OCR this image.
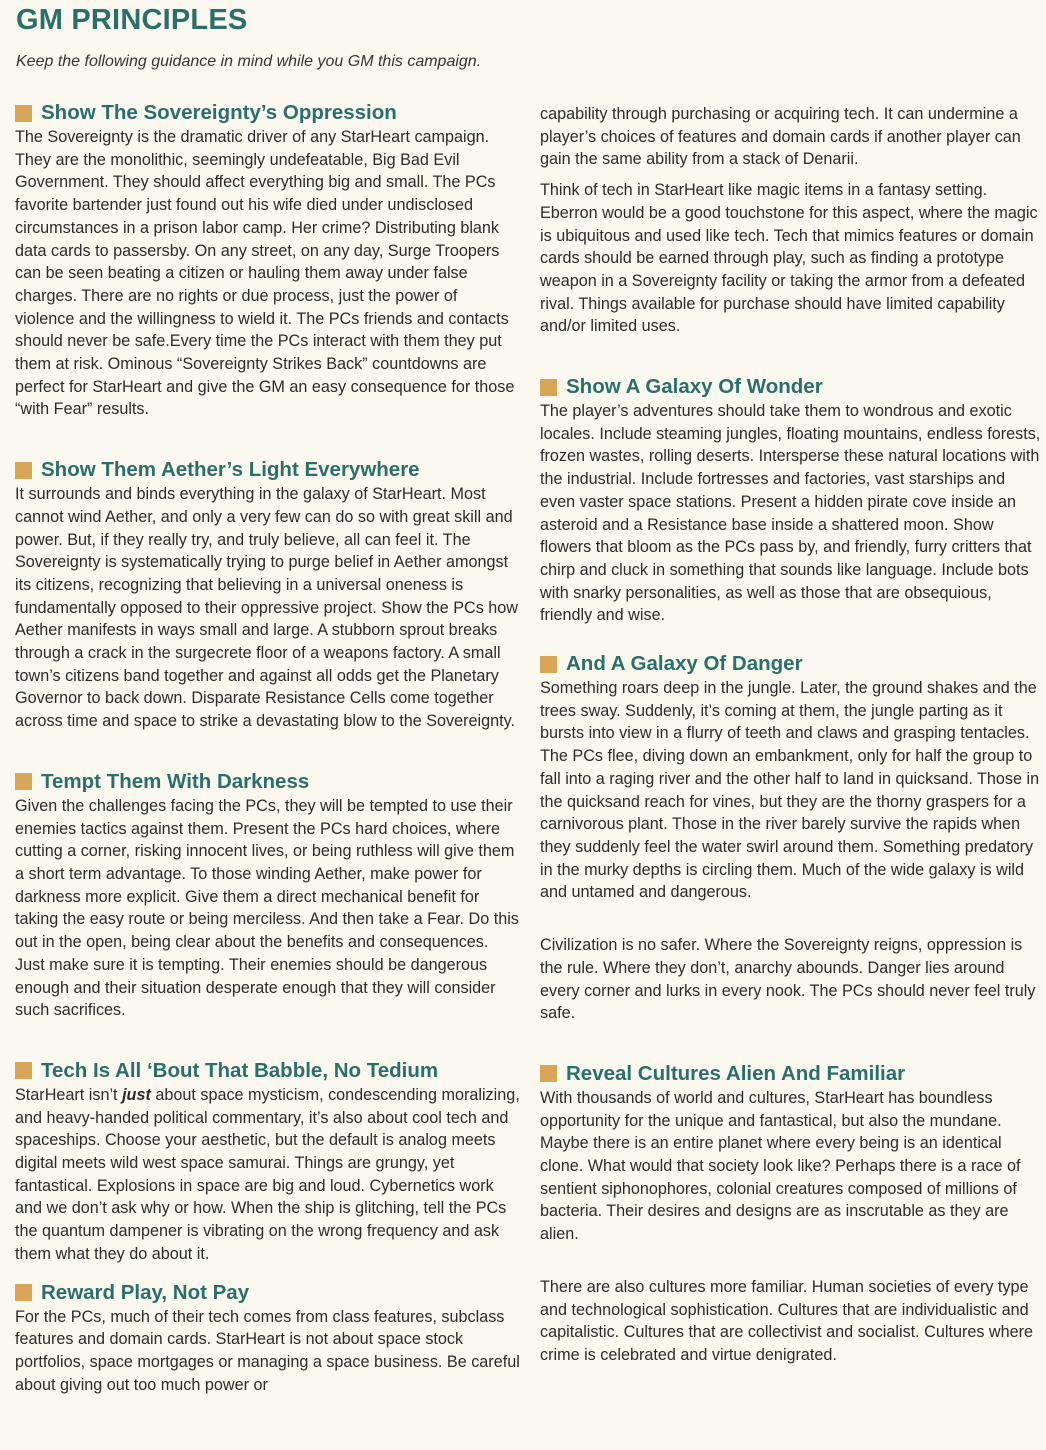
GM PRINCIPLES

Keep the following guidance in mind while you GM this campaign.

Show The Sovereignty’s Oppression

The Sovereignty is the dramatic driver of any StarHeart campaign. They are the monolithic, seemingly undefeatable, Big Bad Evil Government. They should affect everything big and small. The PCs favorite bartender just found out his wife died under undisclosed circumstances in a prison labor camp. Her crime? Distributing blank data cards to passersby. On any street, on any day, Surge Troopers can be seen beating a citizen or hauling them away under false charges. There are no rights or due process, just the power of violence and the willingness to wield it. The PCs friends and contacts should never be safe.Every time the PCs interact with them they put them at risk. Ominous “Sovereignty Strikes Back” countdowns are perfect for StarHeart and give the GM an easy consequence for those “with Fear” results.

Show Them Aether’s Light Everywhere

It surrounds and binds everything in the galaxy of StarHeart. Most cannot wind Aether, and only a very few can do so with great skill and power. But, if they really try, and truly believe, all can feel it. The Sovereignty is systematically trying to purge belief in Aether amongst its citizens, recognizing that believing in a universal oneness is fundamentally opposed to their oppressive project. Show the PCs how Aether manifests in ways small and large. A stubborn sprout breaks through a crack in the surgecrete floor of a weapons factory. A small town’s citizens band together and against all odds get the Planetary Governor to back down. Disparate Resistance Cells come together across time and space to strike a devastating blow to the Sovereignty.

Tempt Them With Darkness

Given the challenges facing the PCs, they will be tempted to use their enemies tactics against them. Present the PCs hard choices, where cutting a corner, risking innocent lives, or being ruthless will give them a short term advantage. To those winding Aether, make power for darkness more explicit. Give them a direct mechanical benefit for taking the easy route or being merciless. And then take a Fear. Do this out in the open, being clear about the benefits and consequences. Just make sure it is tempting. Their enemies should be dangerous enough and their situation desperate enough that they will consider such sacrifices.

Tech Is All ‘Bout That Babble, No Tedium

StarHeart isn’t just about space mysticism, condescending moralizing, and heavy-handed political commentary, it’s also about cool tech and spaceships. Choose your aesthetic, but the default is analog meets digital meets wild west space samurai. Things are grungy, yet fantastical. Explosions in space are big and loud. Cybernetics work and we don’t ask why or how. When the ship is glitching, tell the PCs the quantum dampener is vibrating on the wrong frequency and ask them what they do about it.

Reward Play, Not Pay

For the PCs, much of their tech comes from class features, subclass features and domain cards. StarHeart is not about space stock portfolios, space mortgages or managing a space business. Be careful about giving out too much power or

capability through purchasing or acquiring tech. It can undermine a player’s choices of features and domain cards if another player can gain the same ability from a stack of Denarii.

Think of tech in StarHeart like magic items in a fantasy setting. Eberron would be a good touchstone for this aspect, where the magic is ubiquitous and used like tech. Tech that mimics features or domain cards should be earned through play, such as finding a prototype weapon in a Sovereignty facility or taking the armor from a defeated rival. Things available for purchase should have limited capability and/or limited uses.

Show A Galaxy Of Wonder

The player’s adventures should take them to wondrous and exotic locales. Include steaming jungles, floating mountains, endless forests, frozen wastes, rolling deserts. Intersperse these natural locations with the industrial. Include fortresses and factories, vast starships and even vaster space stations. Present a hidden pirate cove inside an asteroid and a Resistance base inside a shattered moon. Show flowers that bloom as the PCs pass by, and friendly, furry critters that chirp and cluck in something that sounds like language. Include bots with snarky personalities, as well as those that are obsequious, friendly and wise.

And A Galaxy Of Danger

Something roars deep in the jungle. Later, the ground shakes and the trees sway. Suddenly, it’s coming at them, the jungle parting as it bursts into view in a flurry of teeth and claws and grasping tentacles. The PCs flee, diving down an embankment, only for half the group to fall into a raging river and the other half to land in quicksand. Those in the quicksand reach for vines, but they are the thorny graspers for a carnivorous plant. Those in the river barely survive the rapids when they suddenly feel the water swirl around them. Something predatory in the murky depths is circling them. Much of the wide galaxy is wild and untamed and dangerous.

Civilization is no safer. Where the Sovereignty reigns, oppression is the rule. Where they don’t, anarchy abounds. Danger lies around every corner and lurks in every nook. The PCs should never feel truly safe.

Reveal Cultures Alien And Familiar

With thousands of world and cultures, StarHeart has boundless opportunity for the unique and fantastical, but also the mundane. Maybe there is an entire planet where every being is an identical clone. What would that society look like? Perhaps there is a race of sentient siphonophores, colonial creatures composed of millions of bacteria. Their desires and designs are as inscrutable as they are alien.

There are also cultures more familiar. Human societies of every type and technological sophistication. Cultures that are individualistic and capitalistic. Cultures that are collectivist and socialist. Cultures where crime is celebrated and virtue denigrated.
